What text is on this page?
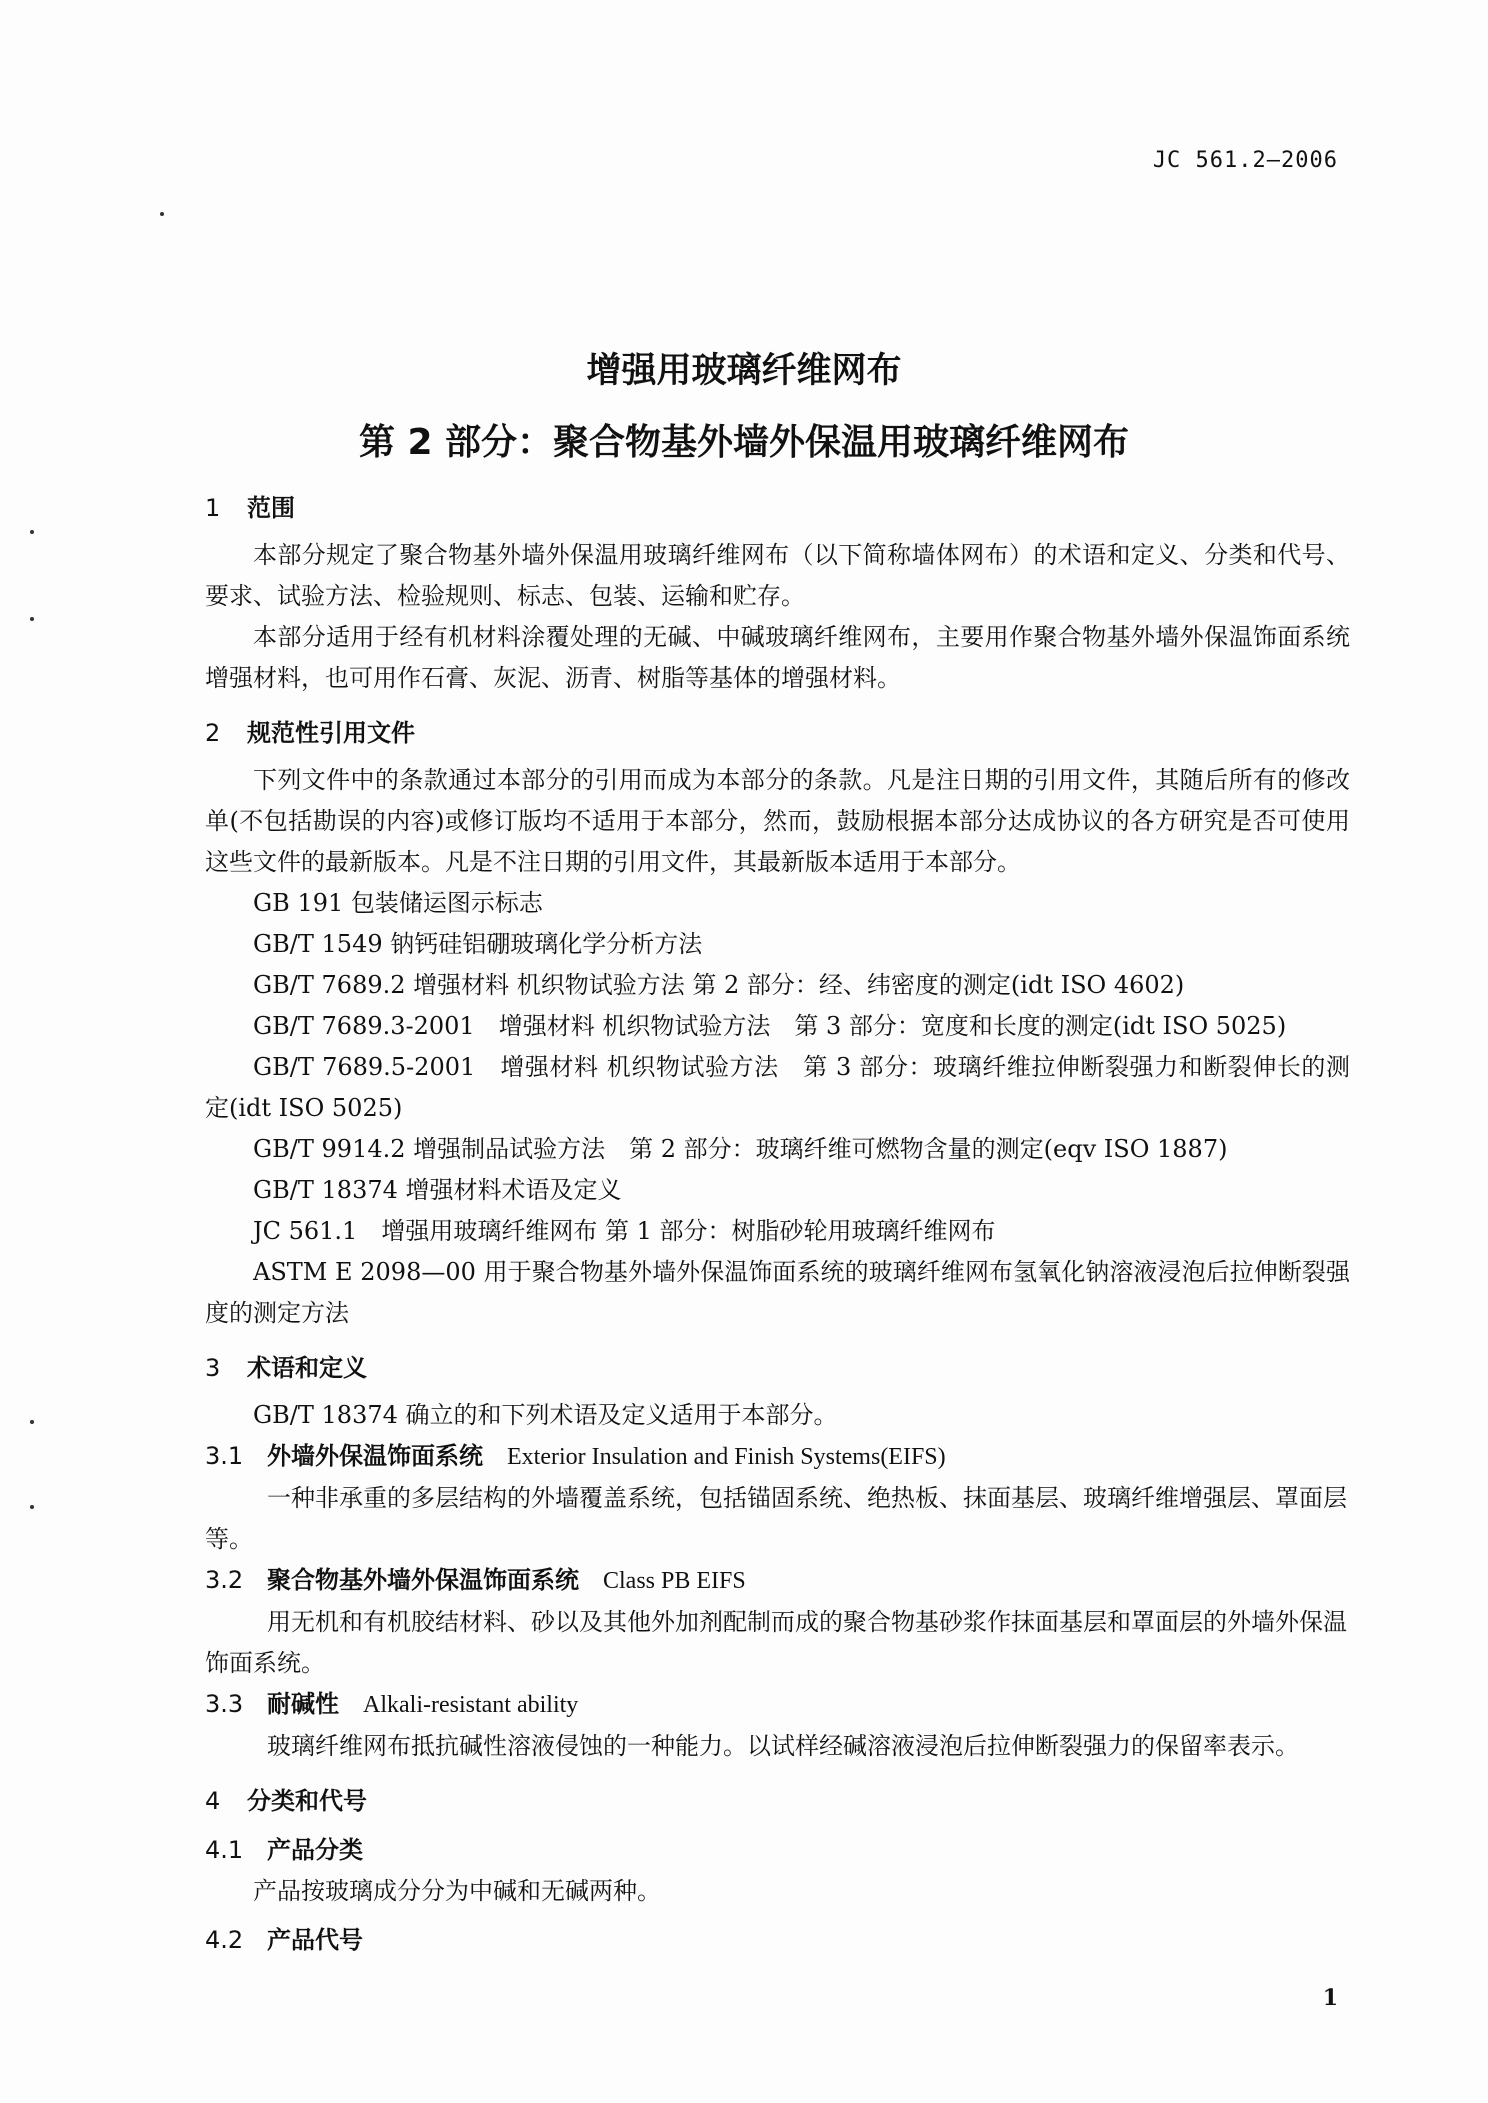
JC 561.2—2006
增强用玻璃纤维网布
第 2 部分：聚合物基外墙外保温用玻璃纤维网布
1 范围

本部分规定了聚合物基外墙外保温用玻璃纤维网布（以下简称墙体网布）的术语和定义、分类和代号、要求、试验方法、检验规则、标志、包装、运输和贮存。

本部分适用于经有机材料涂覆处理的无碱、中碱玻璃纤维网布，主要用作聚合物基外墙外保温饰面系统增强材料，也可用作石膏、灰泥、沥青、树脂等基体的增强材料。

2 规范性引用文件

下列文件中的条款通过本部分的引用而成为本部分的条款。凡是注日期的引用文件，其随后所有的修改单(不包括勘误的内容)或修订版均不适用于本部分，然而，鼓励根据本部分达成协议的各方研究是否可使用这些文件的最新版本。凡是不注日期的引用文件，其最新版本适用于本部分。

GB 191 包装储运图示标志

GB/T 1549 钠钙硅铝硼玻璃化学分析方法

GB/T 7689.2 增强材料 机织物试验方法 第 2 部分：经、纬密度的测定(idt ISO 4602)

GB/T 7689.3-2001　增强材料 机织物试验方法　第 3 部分：宽度和长度的测定(idt ISO 5025)

GB/T 7689.5-2001　增强材料 机织物试验方法　第 3 部分：玻璃纤维拉伸断裂强力和断裂伸长的测定(idt ISO 5025)

GB/T 9914.2 增强制品试验方法　第 2 部分：玻璃纤维可燃物含量的测定(eqv ISO 1887)

GB/T 18374 增强材料术语及定义

JC 561.1　增强用玻璃纤维网布 第 1 部分：树脂砂轮用玻璃纤维网布

ASTM E 2098—00 用于聚合物基外墙外保温饰面系统的玻璃纤维网布氢氧化钠溶液浸泡后拉伸断裂强度的测定方法

3 术语和定义

GB/T 18374 确立的和下列术语及定义适用于本部分。

3.1 外墙外保温饰面系统  Exterior Insulation and Finish Systems(EIFS)

一种非承重的多层结构的外墙覆盖系统，包括锚固系统、绝热板、抹面基层、玻璃纤维增强层、罩面层等。

3.2 聚合物基外墙外保温饰面系统  Class PB EIFS

用无机和有机胶结材料、砂以及其他外加剂配制而成的聚合物基砂浆作抹面基层和罩面层的外墙外保温饰面系统。

3.3 耐碱性  Alkali-resistant ability

玻璃纤维网布抵抗碱性溶液侵蚀的一种能力。以试样经碱溶液浸泡后拉伸断裂强力的保留率表示。

4 分类和代号

4.1 产品分类

产品按玻璃成分分为中碱和无碱两种。

4.2 产品代号

1
